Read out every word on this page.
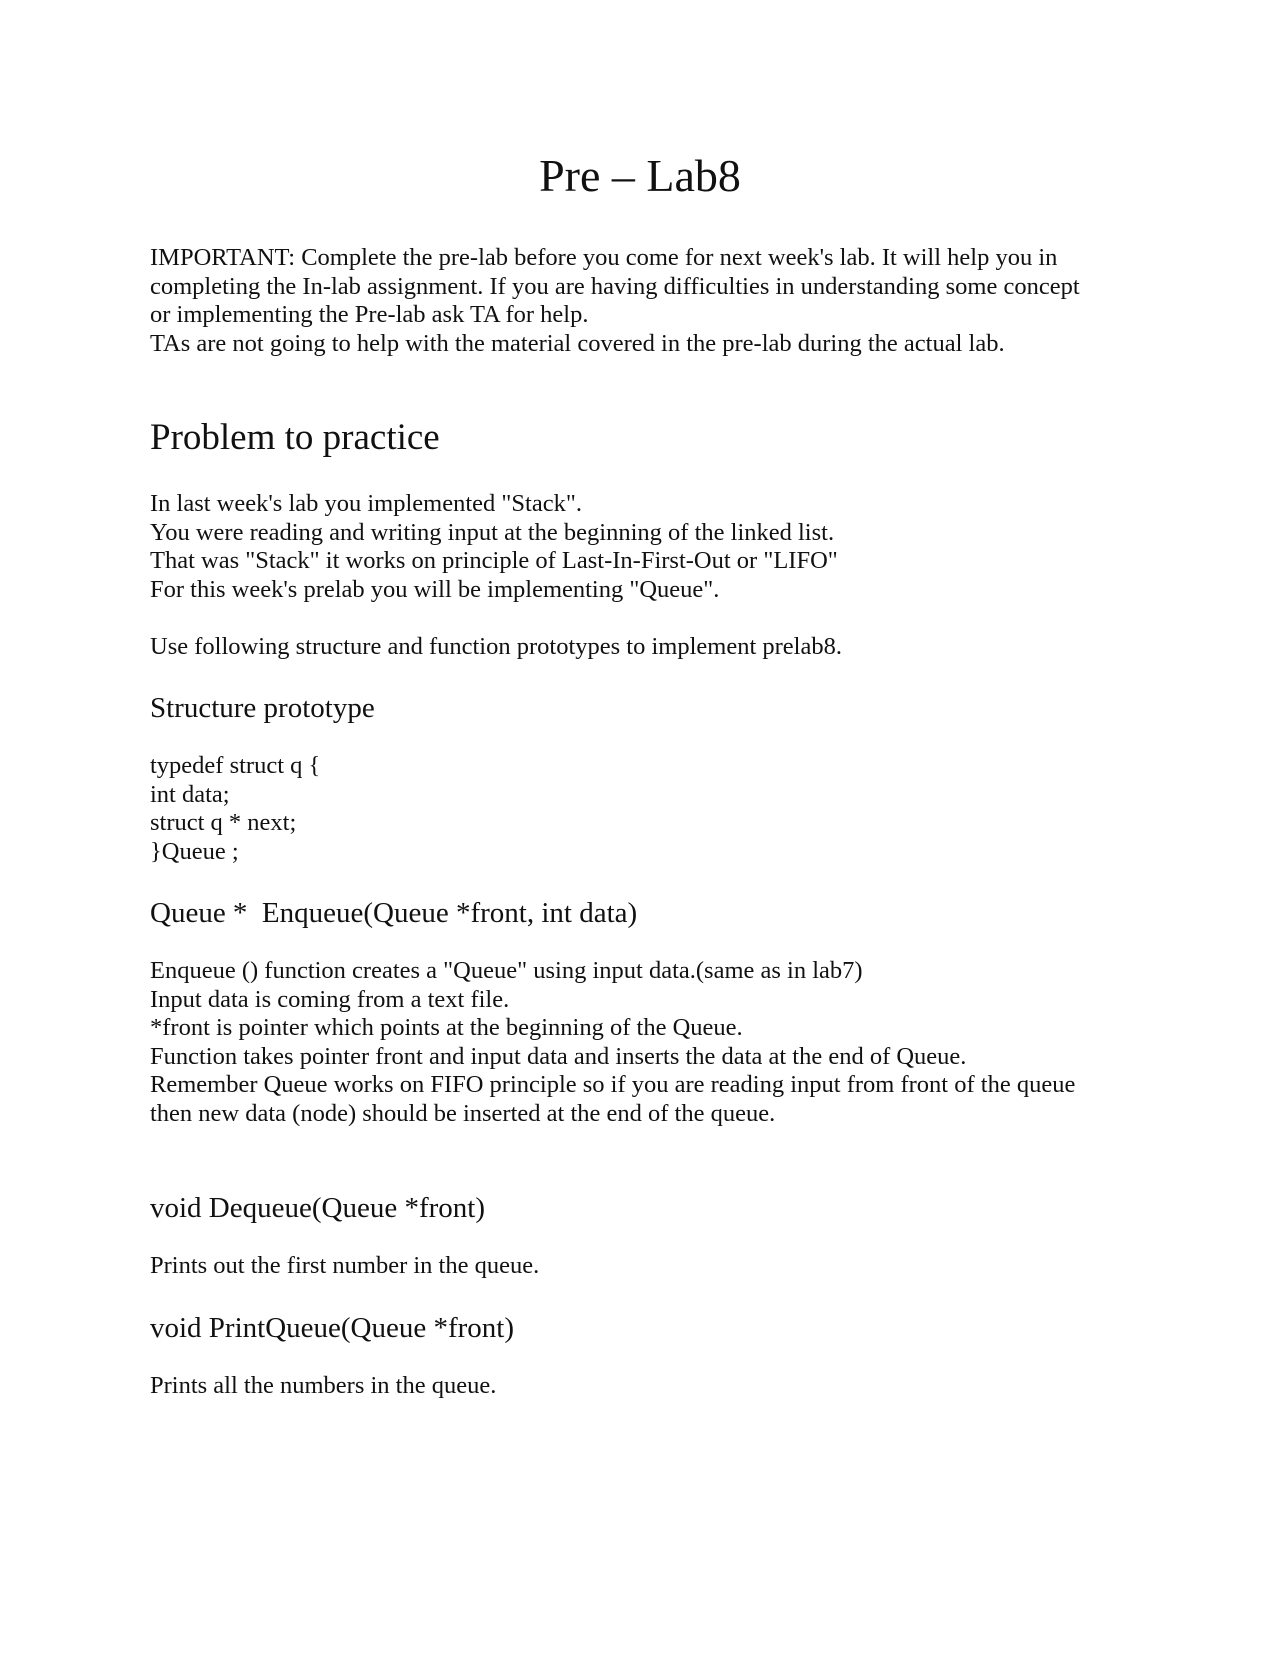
Pre – Lab8
IMPORTANT: Complete the pre-lab before you come for next week's lab. It will help you in
completing the In-lab assignment. If you are having difficulties in understanding some concept
or implementing the Pre-lab ask TA for help.
TAs are not going to help with the material covered in the pre-lab during the actual lab.
Problem to practice
In last week's lab you implemented "Stack".
You were reading and writing input at the beginning of the linked list.
That was "Stack" it works on principle of Last-In-First-Out or "LIFO"
For this week's prelab you will be implementing "Queue".
Use following structure and function prototypes to implement prelab8.
Structure prototype
typedef struct q {
int data;
struct q * next;
}Queue ;
Queue *  Enqueue(Queue *front, int data)
Enqueue () function creates a "Queue" using input data.(same as in lab7)
Input data is coming from a text file.
*front is pointer which points at the beginning of the Queue.
Function takes pointer front and input data and inserts the data at the end of Queue.
Remember Queue works on FIFO principle so if you are reading input from front of the queue
then new data (node) should be inserted at the end of the queue.
void Dequeue(Queue *front)
Prints out the first number in the queue.
void PrintQueue(Queue *front)
Prints all the numbers in the queue.
